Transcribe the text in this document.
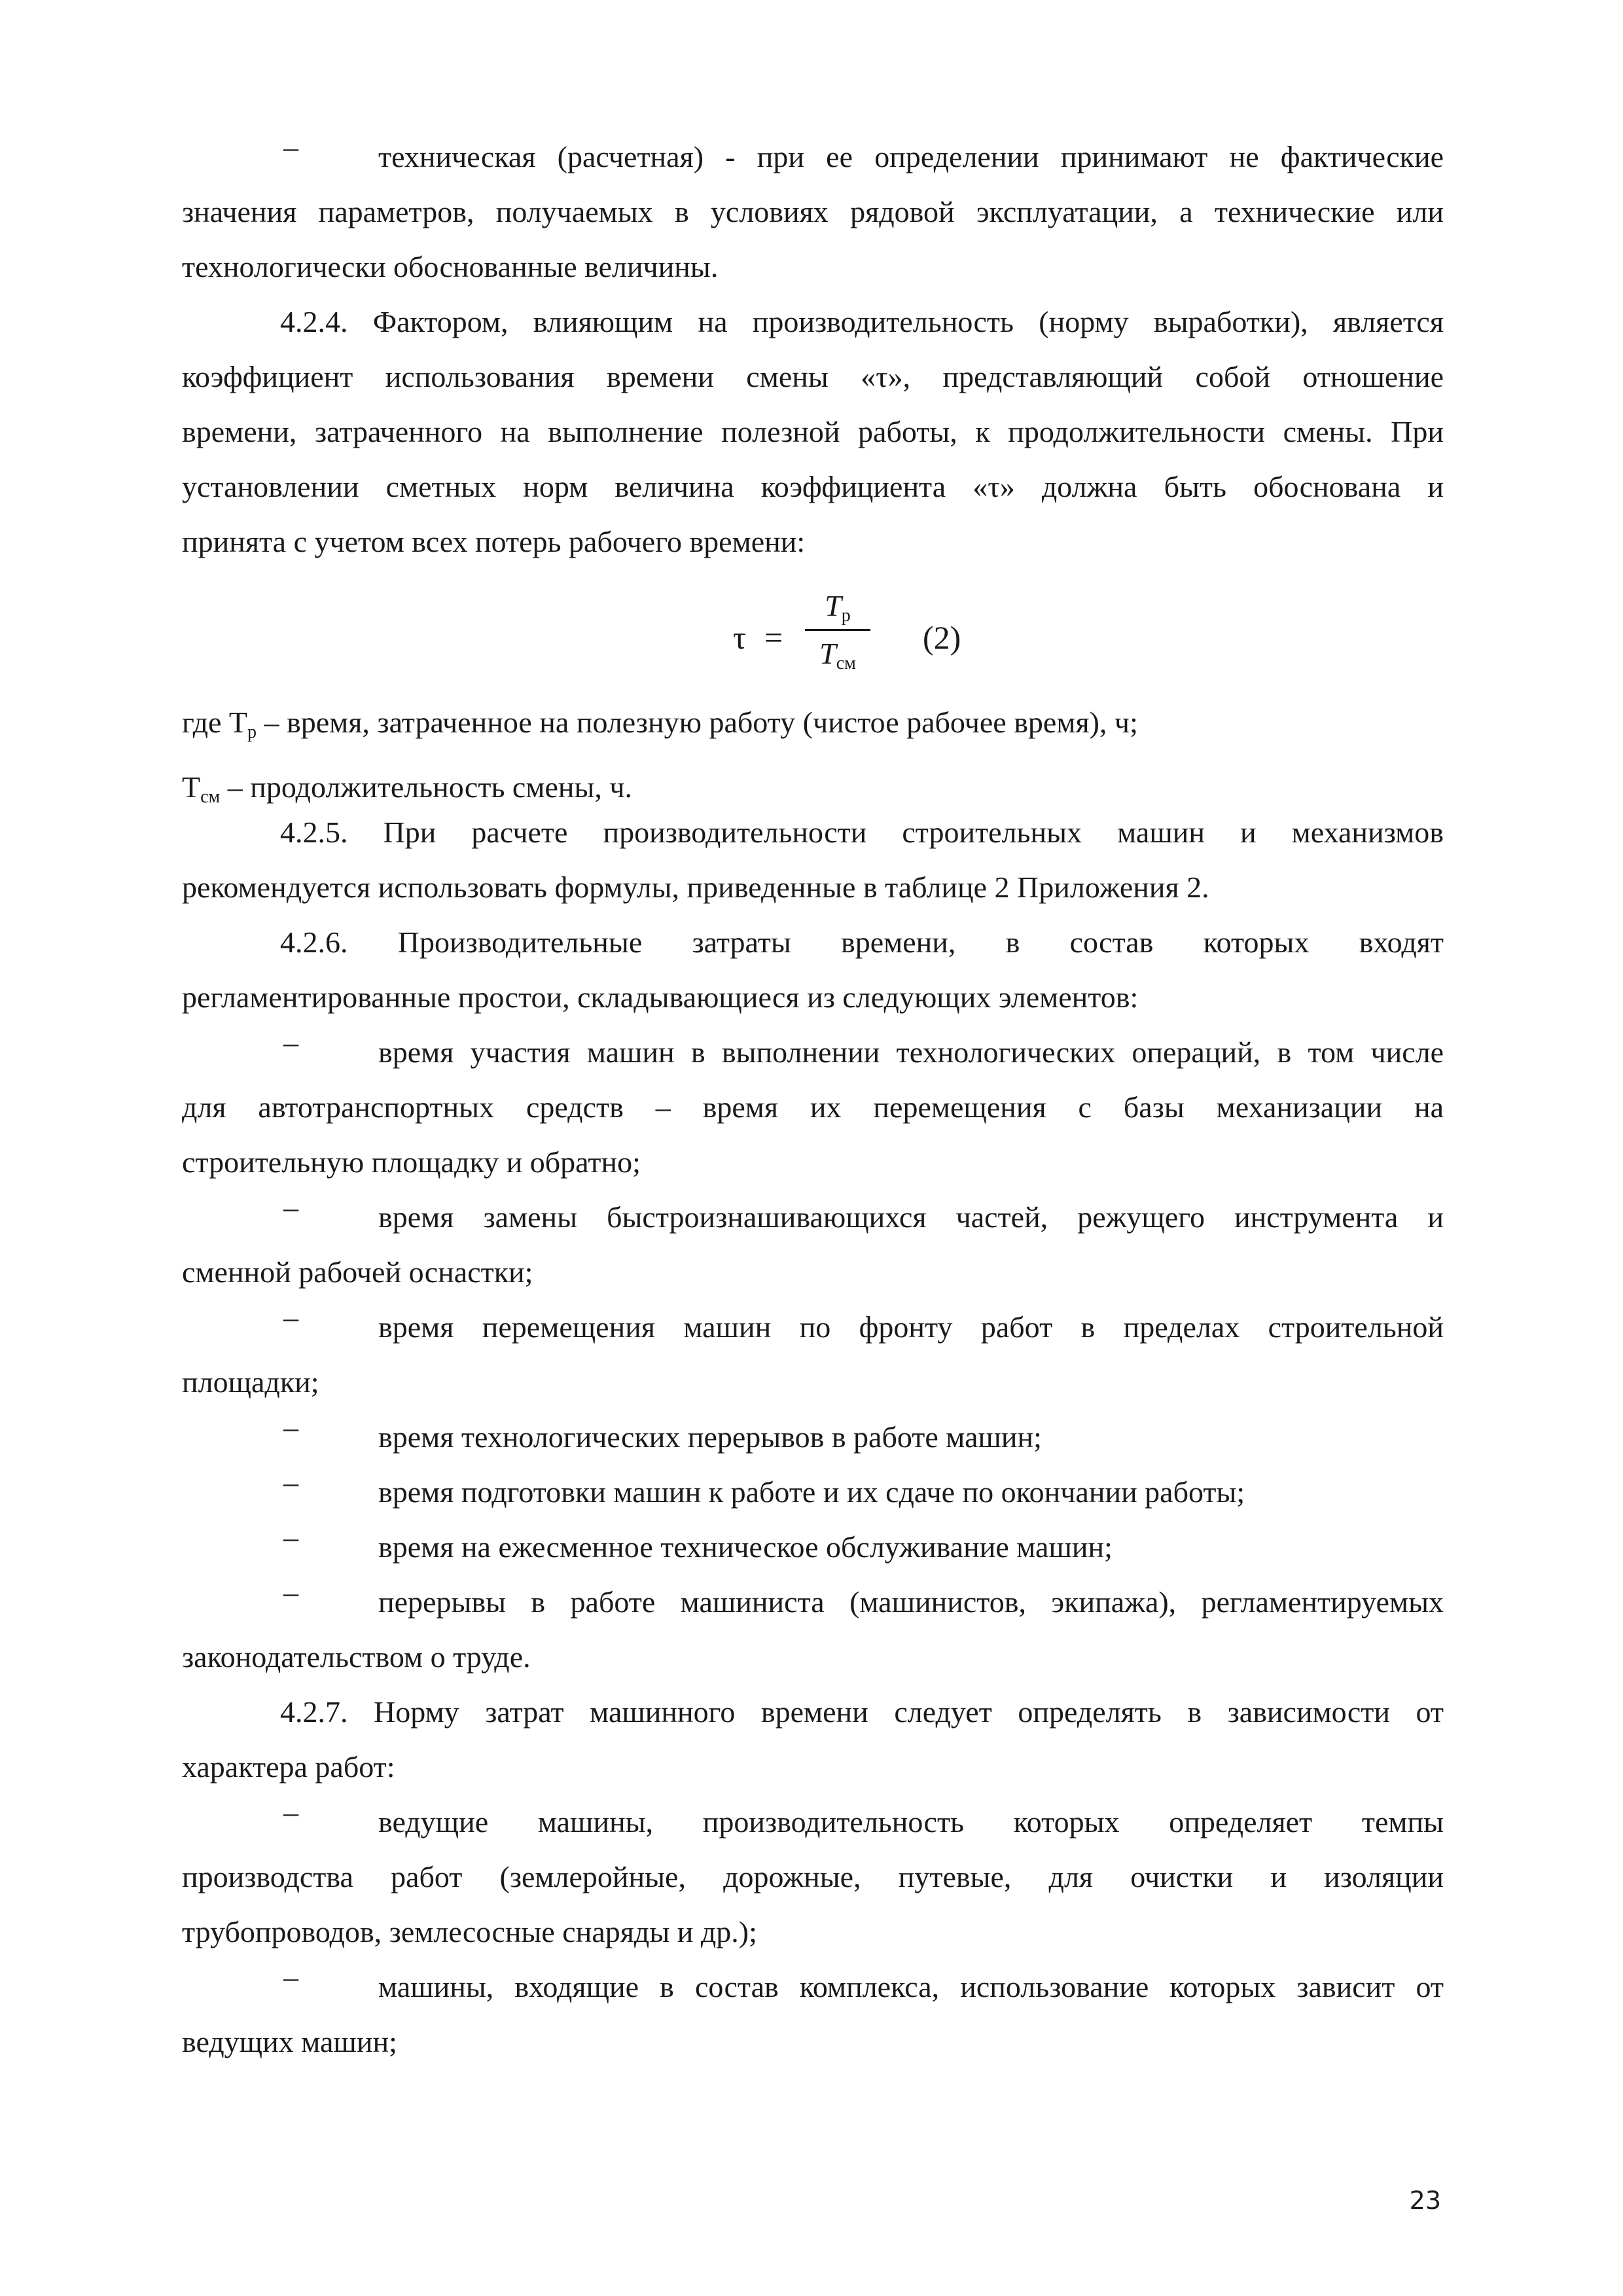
–	техническая (расчетная) - при ее определении принимают не фактические

значения параметров, получаемых в условиях рядовой эксплуатации, а технические или

технологически обоснованные величины.

4.2.4. Фактором, влияющим на производительность (норму выработки), является

коэффициент использования времени смены «τ», представляющий собой отношение

времени, затраченного на выполнение полезной работы, к продолжительности смены. При

установлении сметных норм величина коэффициента «τ» должна быть обоснована и

принята с учетом всех потерь рабочего времени:

τ =
$T_р$
$T_{см}$
(2)

где $T_р$ – время, затраченное на полезную работу (чистое рабочее время), ч;

$T_{см}$ – продолжительность смены, ч.

4.2.5. При расчете производительности строительных машин и механизмов

рекомендуется использовать формулы, приведенные в таблице 2 Приложения 2.

4.2.6. Производительные затраты времени, в состав которых входят

регламентированные простои, складывающиеся из следующих элементов:

–	время участия машин в выполнении технологических операций, в том числе

для автотранспортных средств – время их перемещения с базы механизации на

строительную площадку и обратно;

–	время замены быстроизнашивающихся частей, режущего инструмента и

сменной рабочей оснастки;

–	время перемещения машин по фронту работ в пределах строительной

площадки;

–	время технологических перерывов в работе машин;

–	время подготовки машин к работе и их сдаче по окончании работы;

–	время на ежесменное техническое обслуживание машин;

–	перерывы в работе машиниста (машинистов, экипажа), регламентируемых

законодательством о труде.

4.2.7. Норму затрат машинного времени следует определять в зависимости от

характера работ:

–	ведущие машины, производительность которых определяет темпы

производства работ (землеройные, дорожные, путевые, для очистки и изоляции

трубопроводов, землесосные снаряды и др.);

–	машины, входящие в состав комплекса, использование которых зависит от

ведущих машин;

23
